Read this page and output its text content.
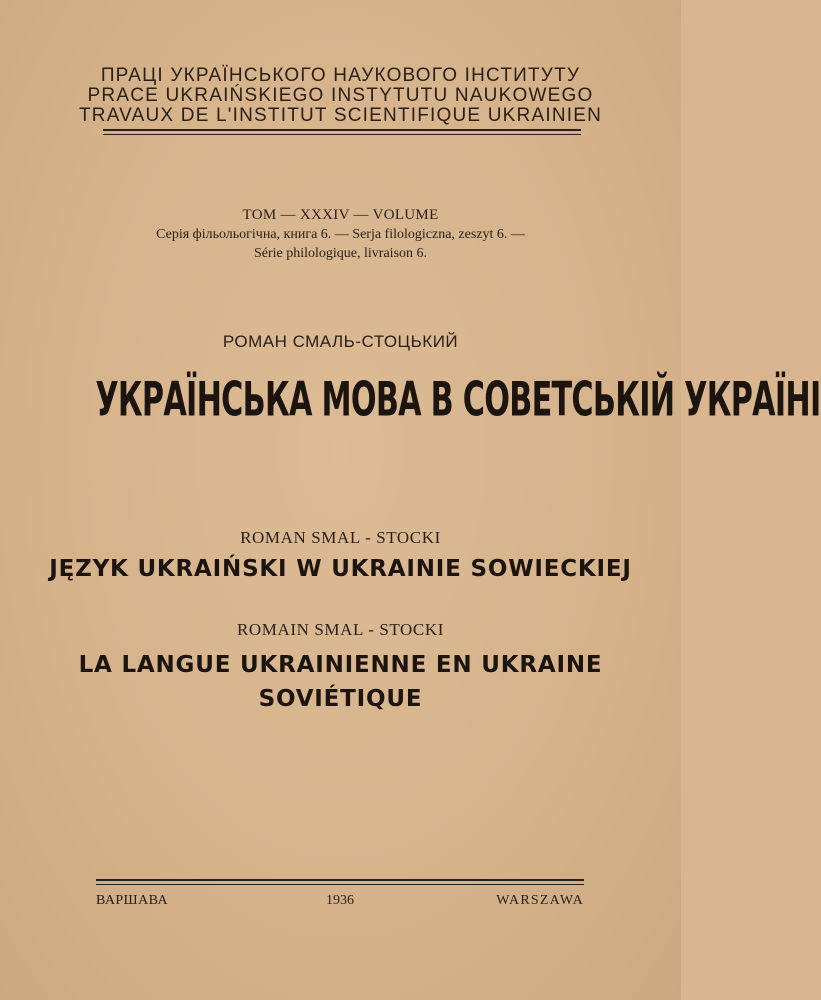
ПРАЦІ УКРАЇНСЬКОГО НАУКОВОГО ІНСТИТУТУ
PRACE UKRAIŃSKIEGO INSTYTUTU NAUKOWEGO
TRAVAUX DE L'INSTITUT SCIENTIFIQUE UKRAINIEN
ТОМ — XXXIV — VOLUME
Серія фільольогічна, книга 6. — Serja filologiczna, zeszyt 6. —
Série philologique, livraison 6.
РОМАН СМАЛЬ-СТОЦЬКИЙ
УКРАЇНСЬКА МОВА В СОВЕТСЬКІЙ УКРАЇНІ
ROMAN SMAL - STOCKI
JĘZYK UKRAIŃSKI W UKRAINIE SOWIECKIEJ
ROMAIN SMAL - STOCKI
LA LANGUE UKRAINIENNE EN UKRAINE
SOVIÉTIQUE
ВАРШАВА	1936	WARSZAWA
